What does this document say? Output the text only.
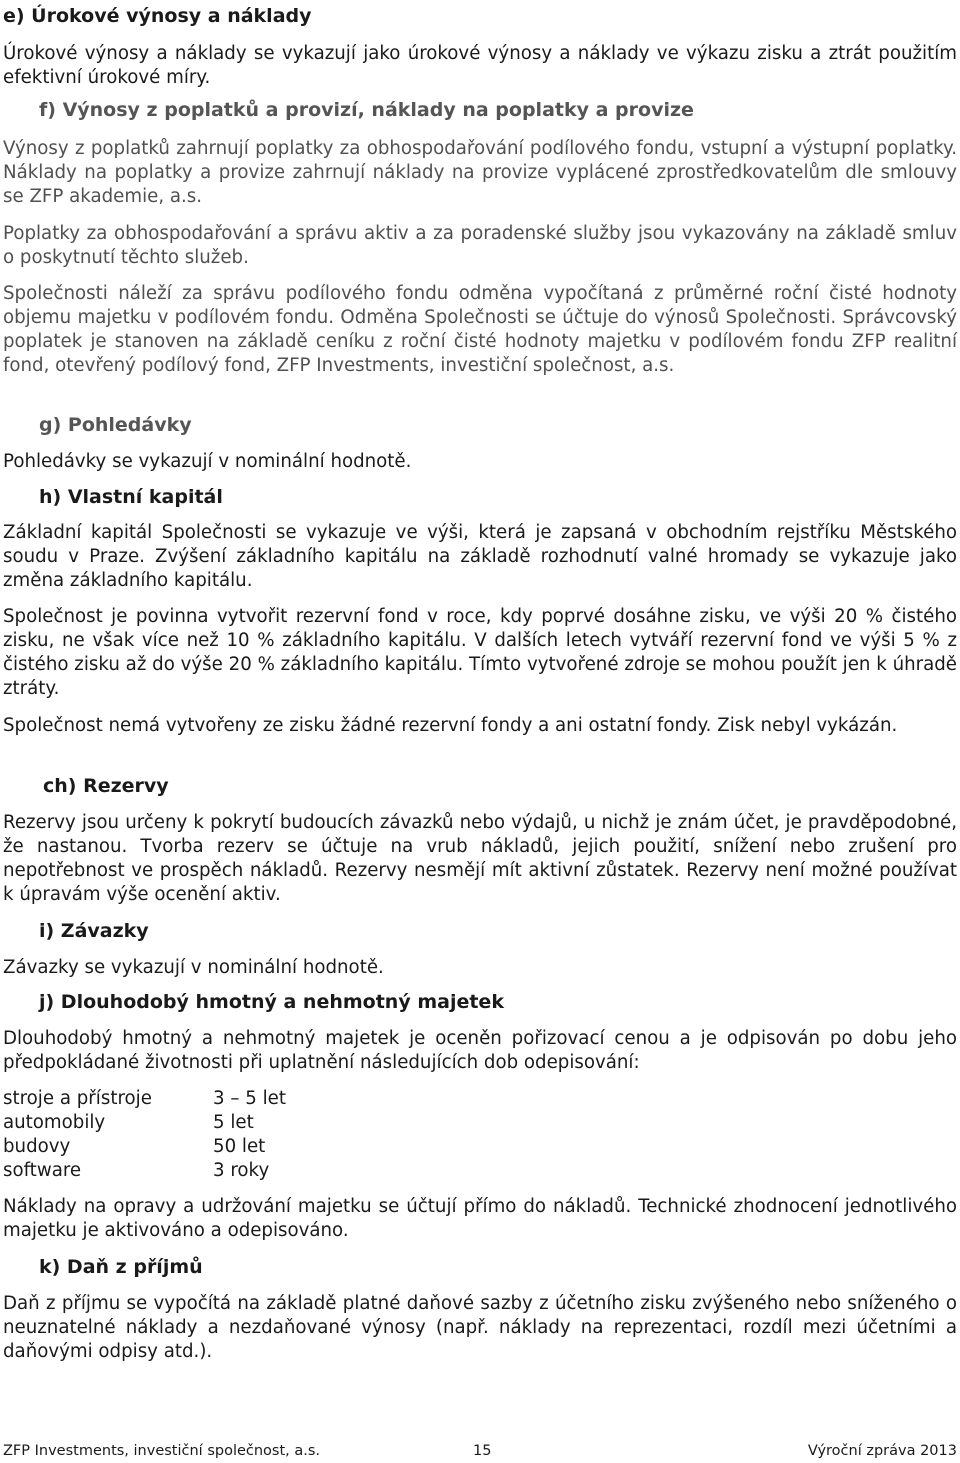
e) Úrokové výnosy a náklady

Úrokové výnosy a náklady se vykazují jako úrokové výnosy a náklady ve výkazu zisku a ztrát použitím efektivní úrokové míry.

f) Výnosy z poplatků a provizí, náklady na poplatky a provize

Výnosy z poplatků zahrnují poplatky za obhospodařování podílového fondu, vstupní a výstupní poplatky. Náklady na poplatky a provize zahrnují náklady na provize vyplácené zprostředkovatelům dle smlouvy se ZFP akademie, a.s.

Poplatky za obhospodařování a správu aktiv a za poradenské služby jsou vykazovány na základě smluv o poskytnutí těchto služeb.

Společnosti náleží za správu podílového fondu odměna vypočítaná z průměrné roční čisté hodnoty objemu majetku v podílovém fondu. Odměna Společnosti se účtuje do výnosů Společnosti. Správcovský poplatek je stanoven na základě ceníku z roční čisté hodnoty majetku v podílovém fondu ZFP realitní fond, otevřený podílový fond, ZFP Investments, investiční společnost, a.s.

g) Pohledávky

Pohledávky se vykazují v nominální hodnotě.

h) Vlastní kapitál

Základní kapitál Společnosti se vykazuje ve výši, která je zapsaná v obchodním rejstříku Městského soudu v Praze. Zvýšení základního kapitálu na základě rozhodnutí valné hromady se vykazuje jako změna základního kapitálu.

Společnost je povinna vytvořit rezervní fond v roce, kdy poprvé dosáhne zisku, ve výši 20 % čistého zisku, ne však více než 10 % základního kapitálu. V dalších letech vytváří rezervní fond ve výši 5 % z čistého zisku až do výše 20 % základního kapitálu. Tímto vytvořené zdroje se mohou použít jen k úhradě ztráty.

Společnost nemá vytvořeny ze zisku žádné rezervní fondy a ani ostatní fondy. Zisk nebyl vykázán.

ch) Rezervy

Rezervy jsou určeny k pokrytí budoucích závazků nebo výdajů, u nichž je znám účet, je pravděpodobné, že nastanou. Tvorba rezerv se účtuje na vrub nákladů, jejich použití, snížení nebo zrušení pro nepotřebnost ve prospěch nákladů. Rezervy nesmějí mít aktivní zůstatek. Rezervy není možné používat k úpravám výše ocenění aktiv.

i) Závazky

Závazky se vykazují v nominální hodnotě.

j) Dlouhodobý hmotný a nehmotný majetek

Dlouhodobý hmotný a nehmotný majetek je oceněn pořizovací cenou a je odpisován po dobu jeho předpokládané životnosti při uplatnění následujících dob odepisování:

stroje a přístroje	3 – 5 let
automobily	5 let
budovy	50 let
software	3 roky

Náklady na opravy a udržování majetku se účtují přímo do nákladů. Technické zhodnocení jednotlivého majetku je aktivováno a odepisováno.

k) Daň z příjmů

Daň z příjmu se vypočítá na základě platné daňové sazby z účetního zisku zvýšeného nebo sníženého o neuznatelné náklady a nezdaňované výnosy (např. náklady na reprezentaci, rozdíl mezi účetními a daňovými odpisy atd.).

ZFP Investments, investiční společnost, a.s.	15	Výroční zpráva 2013
